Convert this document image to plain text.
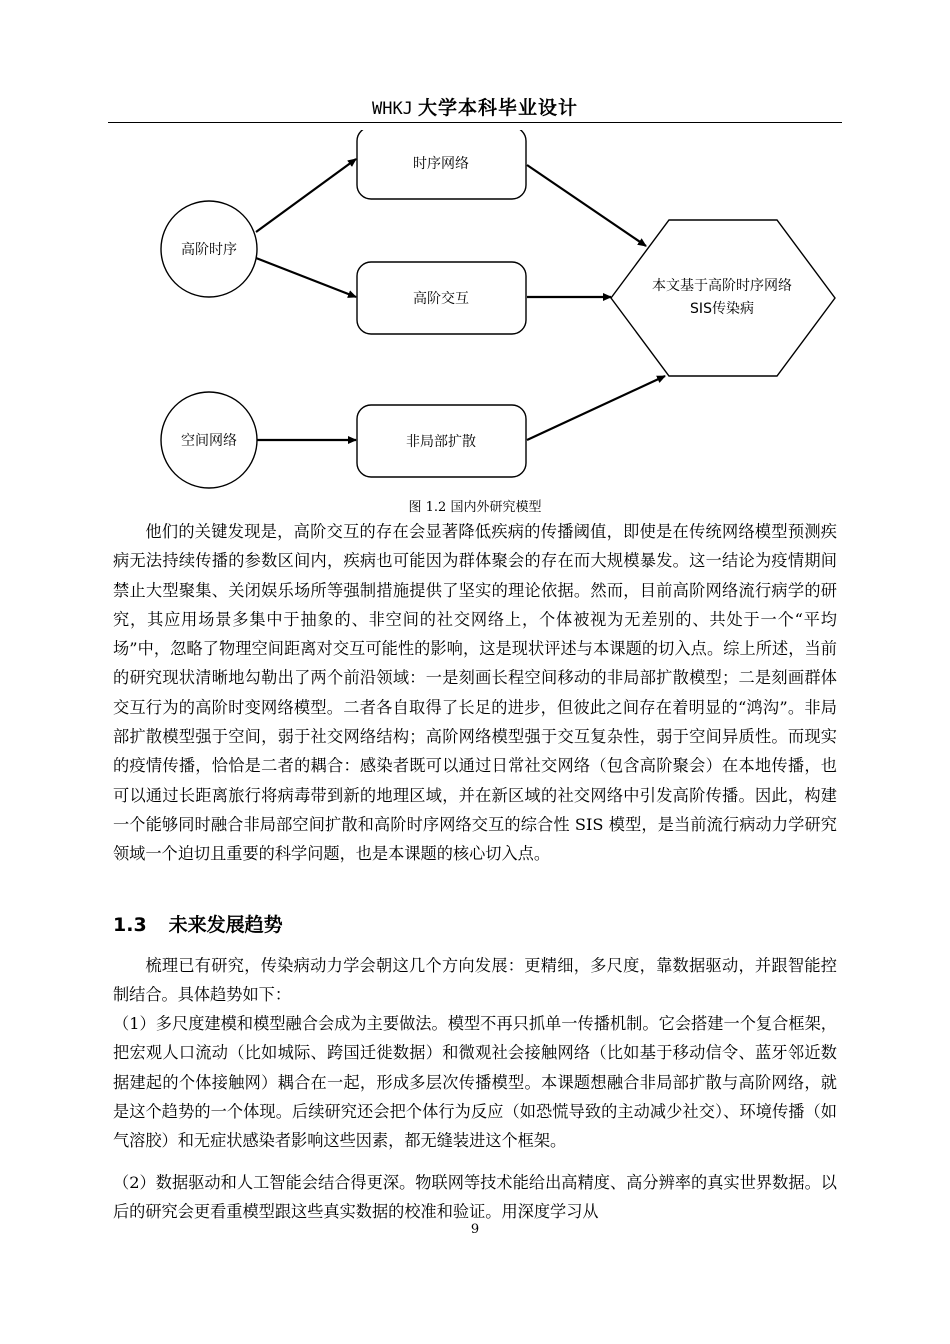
WHKJ 大学本科毕业设计
高阶时序
空间网络
时序网络
高阶交互
非局部扩散
本文基于高阶时序网络
SIS传染病
图 1.2 国内外研究模型

他们的关键发现是，高阶交互的存在会显著降低疾病的传播阈值，即使是在传统网络模型预测疾病无法持续传播的参数区间内，疾病也可能因为群体聚会的存在而大规模暴发。这一结论为疫情期间禁止大型聚集、关闭娱乐场所等强制措施提供了坚实的理论依据。然而，目前高阶网络流行病学的研究，其应用场景多集中于抽象的、非空间的社交网络上，个体被视为无差别的、共处于一个“平均场”中，忽略了物理空间距离对交互可能性的影响，这是现状评述与本课题的切入点。综上所述，当前的研究现状清晰地勾勒出了两个前沿领域：一是刻画长程空间移动的非局部扩散模型；二是刻画群体交互行为的高阶时变网络模型。二者各自取得了长足的进步，但彼此之间存在着明显的“鸿沟”。非局部扩散模型强于空间，弱于社交网络结构；高阶网络模型强于交互复杂性，弱于空间异质性。而现实的疫情传播，恰恰是二者的耦合：感染者既可以通过日常社交网络（包含高阶聚会）在本地传播，也可以通过长距离旅行将病毒带到新的地理区域，并在新区域的社交网络中引发高阶传播。因此，构建一个能够同时融合非局部空间扩散和高阶时序网络交互的综合性 SIS 模型，是当前流行病动力学研究领域一个迫切且重要的科学问题，也是本课题的核心切入点。

1.3 未来发展趋势

梳理已有研究，传染病动力学会朝这几个方向发展：更精细，多尺度，靠数据驱动，并跟智能控制结合。具体趋势如下：

（1）多尺度建模和模型融合会成为主要做法。模型不再只抓单一传播机制。它会搭建一个复合框架，把宏观人口流动（比如城际、跨国迁徙数据）和微观社会接触网络（比如基于移动信令、蓝牙邻近数据建起的个体接触网）耦合在一起，形成多层次传播模型。本课题想融合非局部扩散与高阶网络，就是这个趋势的一个体现。后续研究还会把个体行为反应（如恐慌导致的主动减少社交）、环境传播（如气溶胶）和无症状感染者影响这些因素，都无缝装进这个框架。

（2）数据驱动和人工智能会结合得更深。物联网等技术能给出高精度、高分辨率的真实世界数据。以后的研究会更看重模型跟这些真实数据的校准和验证。用深度学习从

9
